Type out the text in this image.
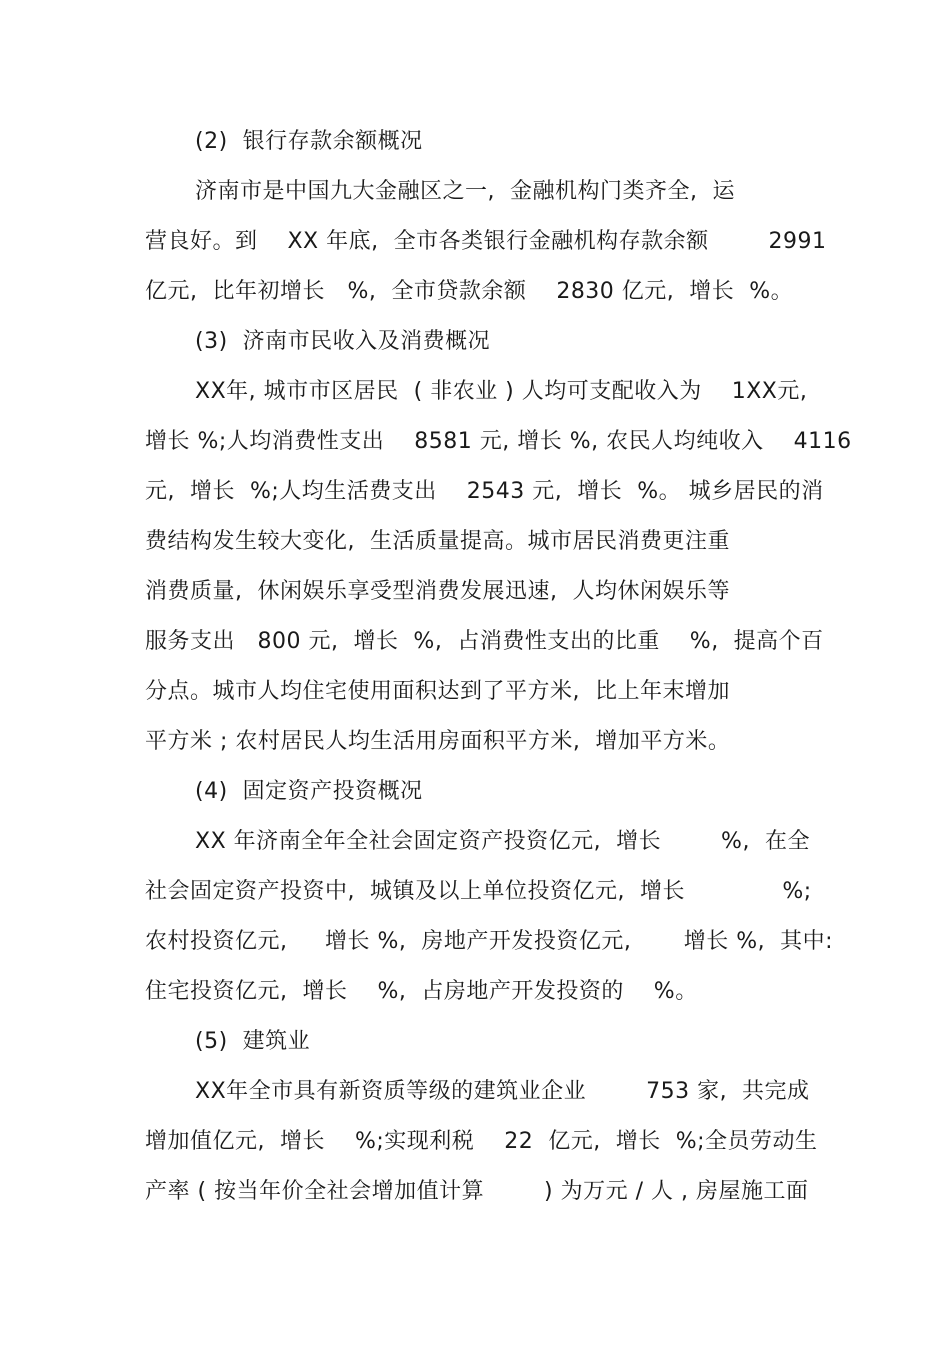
(2)  银行存款余额概况
济南市是中国九大金融区之一,  金融机构门类齐全,  运
营良好。到    XX 年底,  全市各类银行金融机构存款余额        2991
亿元,  比年初增长   %,  全市贷款余额    2830 亿元,  增长  %。
(3)  济南市民收入及消费概况
XX年, 城市市区居民  ( 非农业 ) 人均可支配收入为    1XX元,
增长 %;人均消费性支出    8581 元, 增长 %, 农民人均纯收入    4116
元,  增长  %;人均生活费支出    2543 元,  增长  %。 城乡居民的消
费结构发生较大变化,  生活质量提高。城市居民消费更注重
消费质量,  休闲娱乐享受型消费发展迅速,  人均休闲娱乐等
服务支出   800 元,  增长  %,  占消费性支出的比重    %,  提高个百
分点。城市人均住宅使用面积达到了平方米,  比上年末增加
平方米 ; 农村居民人均生活用房面积平方米,  增加平方米。
(4)  固定资产投资概况
XX 年济南全年全社会固定资产投资亿元,  增长        %,  在全
社会固定资产投资中,  城镇及以上单位投资亿元,  增长             %;
农村投资亿元,     增长 %,  房地产开发投资亿元,       增长 %,  其中:
住宅投资亿元,  增长    %,  占房地产开发投资的    %。
(5)  建筑业
XX年全市具有新资质等级的建筑业企业        753 家,  共完成
增加值亿元,  增长    %;实现利税    22  亿元,  增长  %;全员劳动生
产率 ( 按当年价全社会增加值计算        ) 为万元 / 人 , 房屋施工面
